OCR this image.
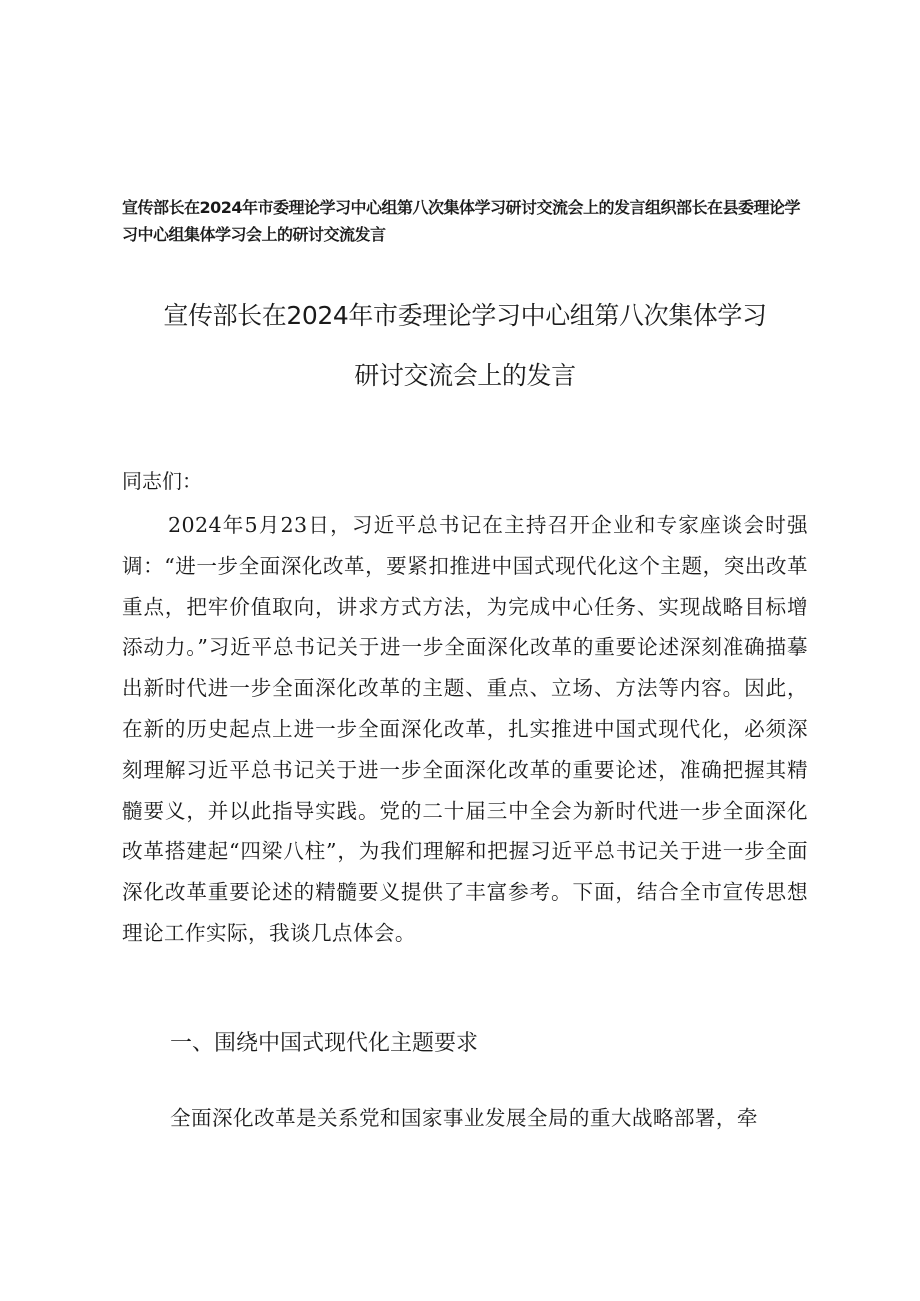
宣传部长在2024年市委理论学习中心组第八次集体学习研讨交流会上的发言组织部长在县委理论学习中心组集体学习会上的研讨交流发言
宣传部长在2024年市委理论学习中心组第八次集体学习
研讨交流会上的发言
同志们：
2024年5月23日，习近平总书记在主持召开企业和专家座谈会时强调：“进一步全面深化改革，要紧扣推进中国式现代化这个主题，突出改革重点，把牢价值取向，讲求方式方法，为完成中心任务、实现战略目标增添动力。”习近平总书记关于进一步全面深化改革的重要论述深刻准确描摹出新时代进一步全面深化改革的主题、重点、立场、方法等内容。因此，在新的历史起点上进一步全面深化改革，扎实推进中国式现代化，必须深刻理解习近平总书记关于进一步全面深化改革的重要论述，准确把握其精髓要义，并以此指导实践。党的二十届三中全会为新时代进一步全面深化改革搭建起“四梁八柱”，为我们理解和把握习近平总书记关于进一步全面深化改革重要论述的精髓要义提供了丰富参考。下面，结合全市宣传思想理论工作实际，我谈几点体会。
一、围绕中国式现代化主题要求
全面深化改革是关系党和国家事业发展全局的重大战略部署，牵
